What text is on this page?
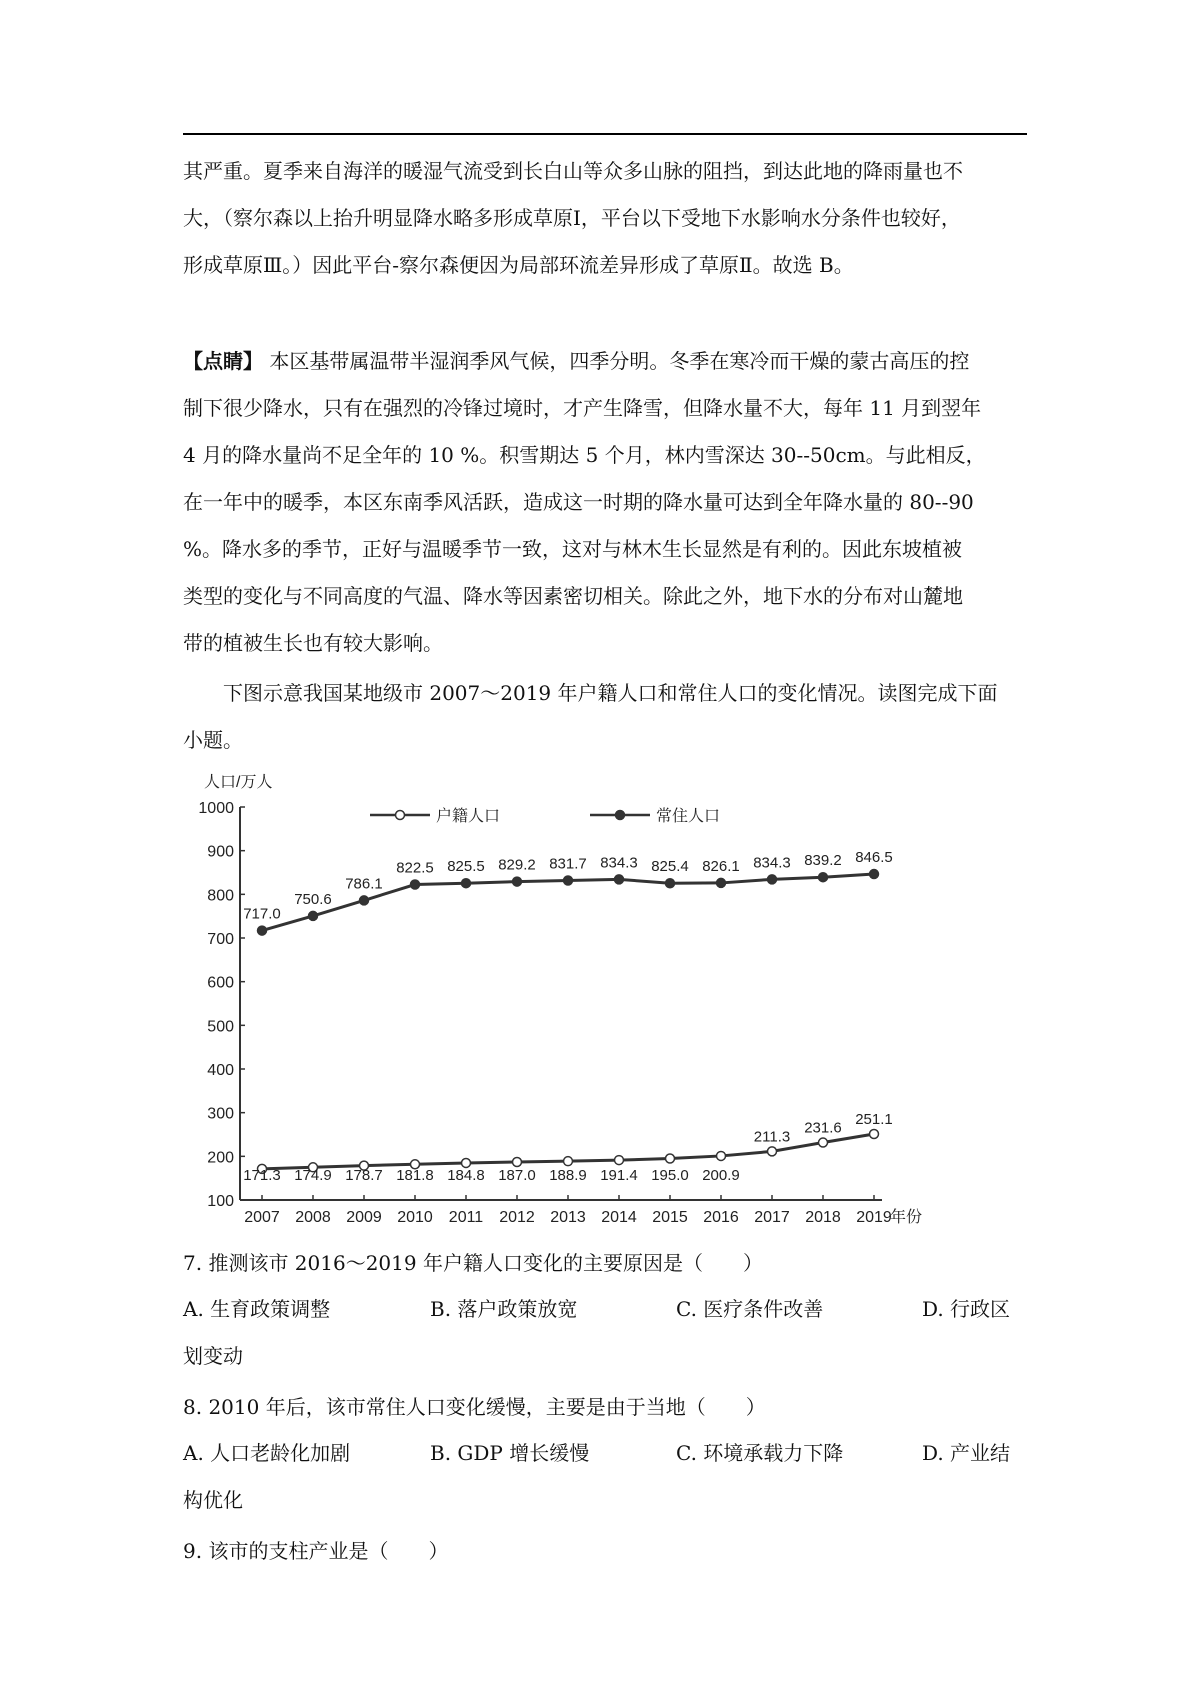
其严重。夏季来自海洋的暖湿气流受到长白山等众多山脉的阻挡，到达此地的降雨量也不
大，（察尔森以上抬升明显降水略多形成草原Ⅰ，平台以下受地下水影响水分条件也较好，
形成草原Ⅲ。）因此平台-察尔森便因为局部环流差异形成了草原Ⅱ。故选 B。
【点睛】 本区基带属温带半湿润季风气候，四季分明。冬季在寒冷而干燥的蒙古高压的控
制下很少降水，只有在强烈的冷锋过境时，才产生降雪，但降水量不大，每年 11 月到翌年
4 月的降水量尚不足全年的 10 %。积雪期达 5 个月，林内雪深达 30--50cm。与此相反，
在一年中的暖季，本区东南季风活跃，造成这一时期的降水量可达到全年降水量的 80--90
%。降水多的季节，正好与温暖季节一致，这对与林木生长显然是有利的。因此东坡植被
类型的变化与不同高度的气温、降水等因素密切相关。除此之外，地下水的分布对山麓地
带的植被生长也有较大影响。
　　下图示意我国某地级市 2007～2019 年户籍人口和常住人口的变化情况。读图完成下面
小题。
人口/万人
年份
100
200
300
400
500
600
700
800
900
1000
2007 2008 2009 2010 2011 2012 2013 2014 2015 2016 2017 2018 2019
户籍人口	常住人口
171.3 174.9 178.7 181.8 184.8 187.0 188.9 191.4 195.0 200.9
211.3
231.6
251.1
717.0
750.6
786.1
822.5 825.5 829.2 831.7 834.3 825.4 826.1 834.3 839.2 846.5
7. 推测该市 2016～2019 年户籍人口变化的主要原因是（　　）
A. 生育政策调整	B. 落户政策放宽	C. 医疗条件改善	D. 行政区
划变动
8. 2010 年后，该市常住人口变化缓慢，主要是由于当地（　　）
A. 人口老龄化加剧	B. GDP 增长缓慢	C. 环境承载力下降	D. 产业结
构优化
9. 该市的支柱产业是（　　）
